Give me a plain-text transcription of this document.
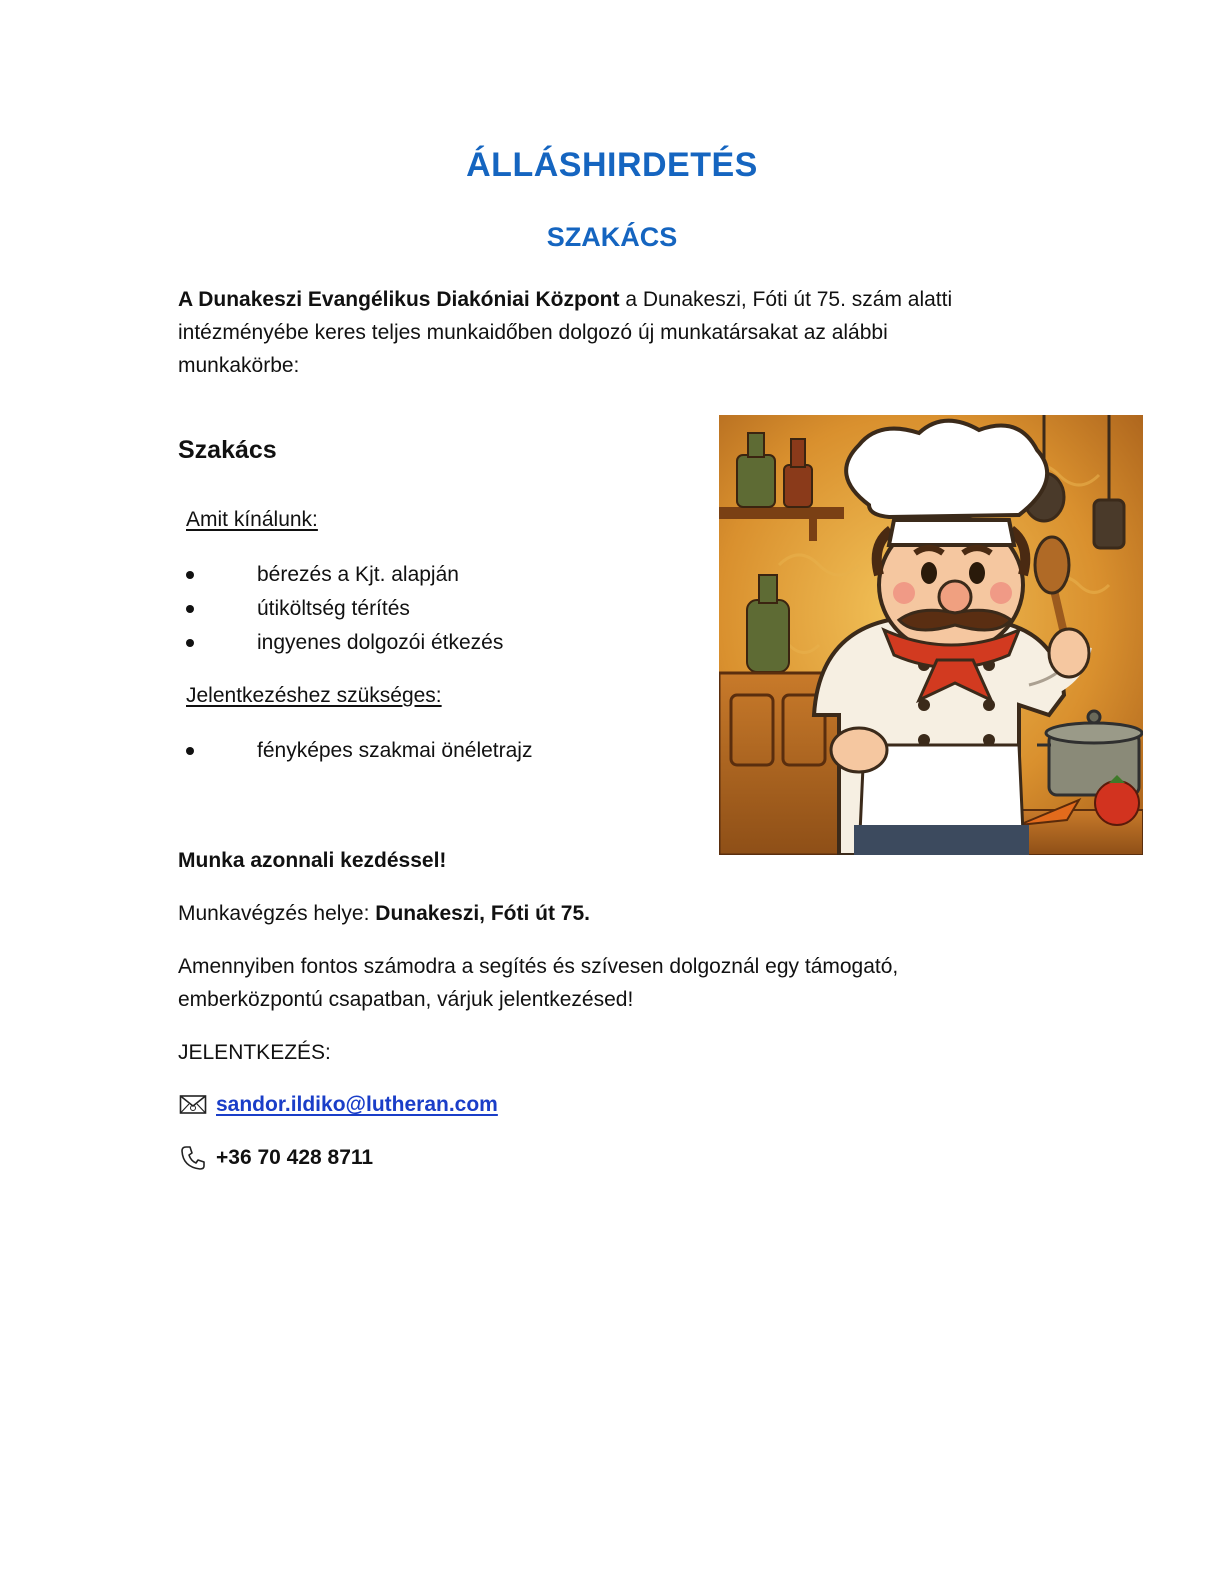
ÁLLÁSHIRDETÉS
SZAKÁCS
A Dunakeszi Evangélikus Diakóniai Központ a Dunakeszi, Fóti út 75. szám alatti intézményébe keres teljes munkaidőben dolgozó új munkatársakat az alábbi munkakörbe:
Szakács
Amit kínálunk:
bérezés a Kjt. alapján
útiköltség térítés
ingyenes dolgozói étkezés
Jelentkezéshez szükséges:
fényképes szakmai önéletrajz
Munka azonnali kezdéssel!
Munkavégzés helye: Dunakeszi, Fóti út 75.
Amennyiben fontos számodra a segítés és szívesen dolgoznál egy támogató, emberközpontú csapatban, várjuk jelentkezésed!
JELENTKEZÉS:
sandor.ildiko@lutheran.com
+36 70 428 8711
